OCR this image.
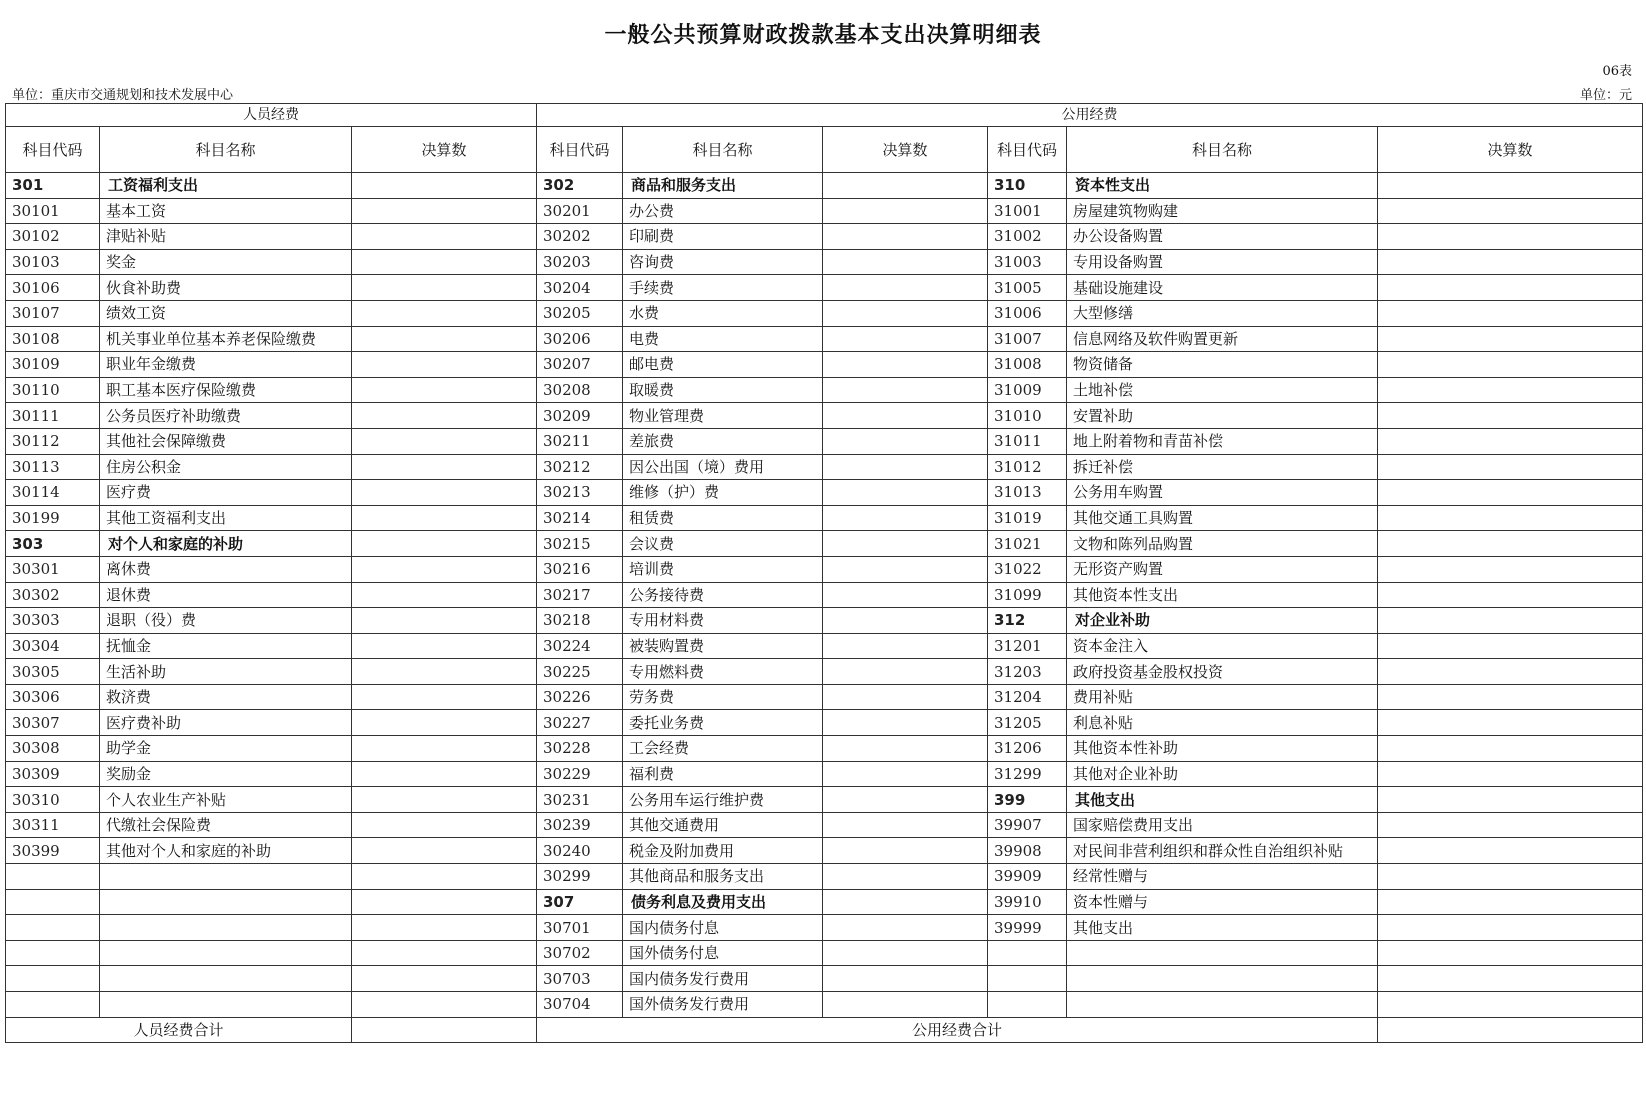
一般公共预算财政拨款基本支出决算明细表
06表
单位：重庆市交通规划和技术发展中心	单位：元
人员经费			公用经费					
科目代码	科目名称	决算数	科目代码	科目名称	决算数	科目代码	科目名称	决算数
301	工资福利支出		302	商品和服务支出		310	资本性支出	
30101	基本工资		30201	办公费		31001	房屋建筑物购建	
30102	津贴补贴		30202	印刷费		31002	办公设备购置	
30103	奖金		30203	咨询费		31003	专用设备购置	
30106	伙食补助费		30204	手续费		31005	基础设施建设	
30107	绩效工资		30205	水费		31006	大型修缮	
30108	机关事业单位基本养老保险缴费		30206	电费		31007	信息网络及软件购置更新	
30109	职业年金缴费		30207	邮电费		31008	物资储备	
30110	职工基本医疗保险缴费		30208	取暖费		31009	土地补偿	
30111	公务员医疗补助缴费		30209	物业管理费		31010	安置补助	
30112	其他社会保障缴费		30211	差旅费		31011	地上附着物和青苗补偿	
30113	住房公积金		30212	因公出国（境）费用		31012	拆迁补偿	
30114	医疗费		30213	维修（护）费		31013	公务用车购置	
30199	其他工资福利支出		30214	租赁费		31019	其他交通工具购置	
303	对个人和家庭的补助		30215	会议费		31021	文物和陈列品购置	
30301	离休费		30216	培训费		31022	无形资产购置	
30302	退休费		30217	公务接待费		31099	其他资本性支出	
30303	退职（役）费		30218	专用材料费		312	对企业补助	
30304	抚恤金		30224	被装购置费		31201	资本金注入	
30305	生活补助		30225	专用燃料费		31203	政府投资基金股权投资	
30306	救济费		30226	劳务费		31204	费用补贴	
30307	医疗费补助		30227	委托业务费		31205	利息补贴	
30308	助学金		30228	工会经费		31206	其他资本性补助	
30309	奖励金		30229	福利费		31299	其他对企业补助	
30310	个人农业生产补贴		30231	公务用车运行维护费		399	其他支出	
30311	代缴社会保险费		30239	其他交通费用		39907	国家赔偿费用支出	
30399	其他对个人和家庭的补助		30240	税金及附加费用		39908	对民间非营利组织和群众性自治组织补贴	
			30299	其他商品和服务支出		39909	经常性赠与	
			307	债务利息及费用支出		39910	资本性赠与	
			30701	国内债务付息		39999	其他支出	
			30702	国外债务付息				
			30703	国内债务发行费用				
			30704	国外债务发行费用				
人员经费合计			公用经费合计					
